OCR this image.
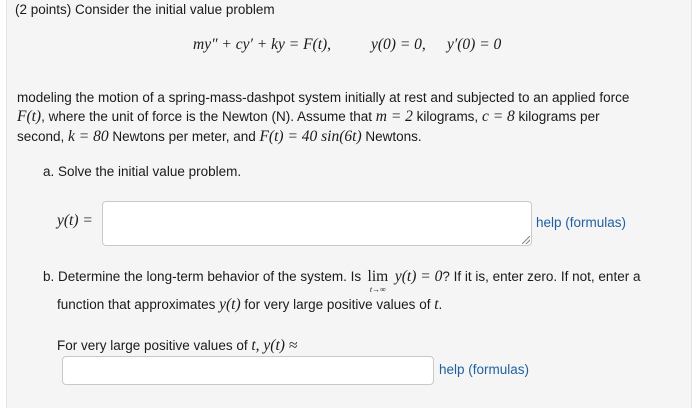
(2 points) Consider the initial value problem
my″ + cy′ + ky = F(t),	y(0) = 0, y′(0) = 0
modeling the motion of a spring-mass-dashpot system initially at rest and subjected to an applied force
F(t), where the unit of force is the Newton (N). Assume that m = 2 kilograms, c = 8 kilograms per
second, k = 80 Newtons per meter, and F(t) = 40 sin(6t) Newtons.
a. Solve the initial value problem.
y(t) =	help (formulas)
b. Determine the long-term behavior of the system. Is lim
t→∞
y(t) = 0? If it is, enter zero. If not, enter a
function that approximates y(t) for very large positive values of t.
For very large positive values of t, y(t) ≈
help (formulas)
